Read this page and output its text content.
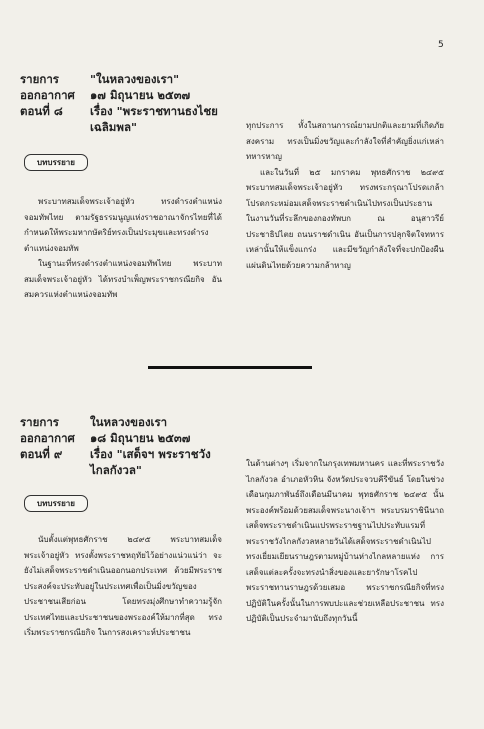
5
รายการ	"ในหลวงของเรา"
ออกอากาศ	๑๗ มิถุนายน ๒๕๓๗
ตอนที่ ๘	เรื่อง "พระราชทานธงไชยเฉลิมพล"
บทบรรยาย

พระบาทสมเด็จพระเจ้าอยู่หัว ทรงดำรงตำแหน่งจอมทัพไทย ตามรัฐธรรมนูญแห่งราชอาณาจักรไทยที่ได้กำหนดให้พระมหากษัตริย์ทรงเป็นประมุขและทรงดำรงตำแหน่งจอมทัพ

ในฐานะที่ทรงดำรงตำแหน่งจอมทัพไทย พระบาทสมเด็จพระเจ้าอยู่หัว ได้ทรงบำเพ็ญพระราชกรณียกิจ อันสมควรแห่งตำแหน่งจอมทัพ

ทุกประการ ทั้งในสถานการณ์ยามปกติและยามที่เกิดภัยสงคราม ทรงเป็นมิ่งขวัญและกำลังใจที่สำคัญยิ่งแก่เหล่าทหารหาญ

และในวันที่ ๒๕ มกราคม พุทธศักราช ๒๔๙๕ พระบาทสมเด็จพระเจ้าอยู่หัว ทรงพระกรุณาโปรดเกล้าโปรดกระหม่อมเสด็จพระราชดำเนินไปทรงเป็นประธาน ในงานวันที่ระลึกของกองทัพบก ณ อนุสาวรีย์ประชาธิปไตย ถนนราชดำเนิน อันเป็นการปลุกจิตใจทหารเหล่านั้นให้แข็งแกร่ง และมีขวัญกำลังใจที่จะปกป้องผืนแผ่นดินไทยด้วยความกล้าหาญ

รายการ	ในหลวงของเรา
ออกอากาศ	๑๘ มิถุนายน ๒๕๓๗
ตอนที่ ๙	เรื่อง "เสด็จฯ พระราชวังไกลกังวล"
บทบรรยาย

นับตั้งแต่พุทธศักราช ๒๔๙๕ พระบาทสมเด็จพระเจ้าอยู่หัว ทรงตั้งพระราชหฤทัยไว้อย่างแน่วแน่ว่า จะยังไม่เสด็จพระราชดำเนินออกนอกประเทศ ด้วยมีพระราชประสงค์จะประทับอยู่ในประเทศเพื่อเป็นมิ่งขวัญของประชาชนเสียก่อน โดยทรงมุ่งศึกษาทำความรู้จักประเทศไทยและประชาชนของพระองค์ให้มากที่สุด ทรงเริ่มพระราชกรณียกิจ ในการสงเคราะห์ประชาชน

ในด้านต่างๆ เริ่มจากในกรุงเทพมหานคร และที่พระราชวังไกลกังวล อำเภอหัวหิน จังหวัดประจวบคีรีขันธ์ โดยในช่วงเดือนกุมภาพันธ์ถึงเดือนมีนาคม พุทธศักราช ๒๔๙๕ นั้น พระองค์พร้อมด้วยสมเด็จพระนางเจ้าฯ พระบรมราชินีนาถเสด็จพระราชดำเนินแปรพระราชฐานไปประทับแรมที่พระราชวังไกลกังวลหลายวันได้เสด็จพระราชดำเนินไปทรงเยี่ยมเยียนราษฎรตามหมู่บ้านห่างไกลหลายแห่ง การเสด็จแต่ละครั้งจะทรงนำสิ่งของและยารักษาโรคไปพระราชทานราษฎรด้วยเสมอ พระราชกรณียกิจที่ทรงปฏิบัติในครั้งนั้นในการพบปะและช่วยเหลือประชาชน ทรงปฏิบัติเป็นประจำมานับถึงทุกวันนี้
